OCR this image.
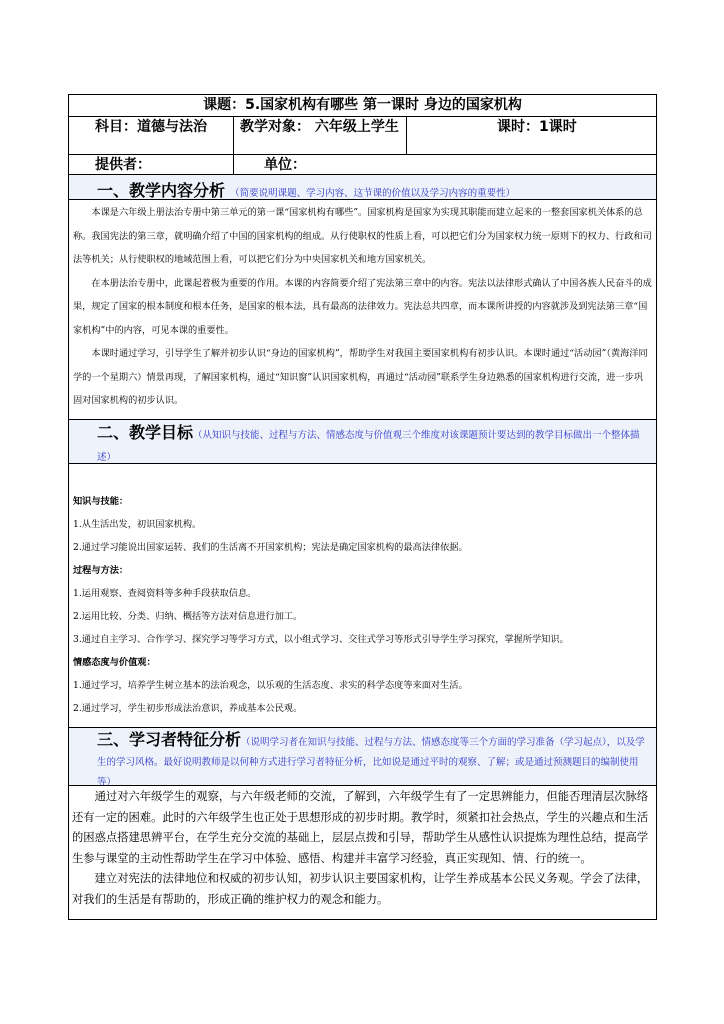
课题：5.国家机构有哪些 第一课时 身边的国家机构
科目：道德与法治	教学对象： 六年级上学生	课时：1课时
提供者：	单位：
一、教学内容分析 （简要说明课题、学习内容、这节课的价值以及学习内容的重要性）

本课是六年级上册法治专册中第三单元的第一课“国家机构有哪些”。国家机构是国家为实现其职能而建立起来的一整套国家机关体系的总称。我国宪法的第三章，就明确介绍了中国的国家机构的组成。从行使职权的性质上看，可以把它们分为国家权力统一原则下的权力、行政和司法等机关；从行使职权的地域范围上看，可以把它们分为中央国家机关和地方国家机关。

在本册法治专册中，此课起着极为重要的作用。本课的内容简要介绍了宪法第三章中的内容。宪法以法律形式确认了中国各族人民奋斗的成果，规定了国家的根本制度和根本任务，是国家的根本法，具有最高的法律效力。宪法总共四章，而本课所讲授的内容就涉及到宪法第三章“国家机构”中的内容，可见本课的重要性。

本课时通过学习，引导学生了解并初步认识“身边的国家机构”，帮助学生对我国主要国家机构有初步认识。本课时通过“活动园”（黄海洋同学的一个星期六）情景再现，了解国家机构，通过“知识窗”认识国家机构，再通过“活动园”联系学生身边熟悉的国家机构进行交流，进一步巩固对国家机构的初步认识。

二、教学目标（从知识与技能、过程与方法、情感态度与价值观三个维度对该课题预计要达到的教学目标做出一个整体描述）

知识与技能：

1.从生活出发，初识国家机构。

2.通过学习能说出国家运转、我们的生活离不开国家机构；宪法是确定国家机构的最高法律依据。

过程与方法：

1.运用观察、查阅资料等多种手段获取信息。

2.运用比较、分类、归纳、概括等方法对信息进行加工。

3.通过自主学习、合作学习、探究学习等学习方式，以小组式学习、交往式学习等形式引导学生学习探究，掌握所学知识。

情感态度与价值观：

1.通过学习，培养学生树立基本的法治观念，以乐观的生活态度、求实的科学态度等来面对生活。

2.通过学习，学生初步形成法治意识，养成基本公民观。

三、学习者特征分析（说明学习者在知识与技能、过程与方法、情感态度等三个方面的学习准备（学习起点），以及学生的学习风格。最好说明教师是以何种方式进行学习者特征分析，比如说是通过平时的观察、了解；或是通过预测题目的编制使用等）

通过对六年级学生的观察，与六年级老师的交流，了解到，六年级学生有了一定思辨能力，但能否理清层次脉络还有一定的困难。此时的六年级学生也正处于思想形成的初步时期。教学时，须紧扣社会热点，学生的兴趣点和生活的困惑点搭建思辨平台，在学生充分交流的基础上，层层点拨和引导，帮助学生从感性认识提炼为理性总结，提高学生参与课堂的主动性帮助学生在学习中体验、感悟、构建并丰富学习经验，真正实现知、情、行的统一。

建立对宪法的法律地位和权威的初步认知，初步认识主要国家机构，让学生养成基本公民义务观。学会了法律，对我们的生活是有帮助的，形成正确的维护权力的观念和能力。
